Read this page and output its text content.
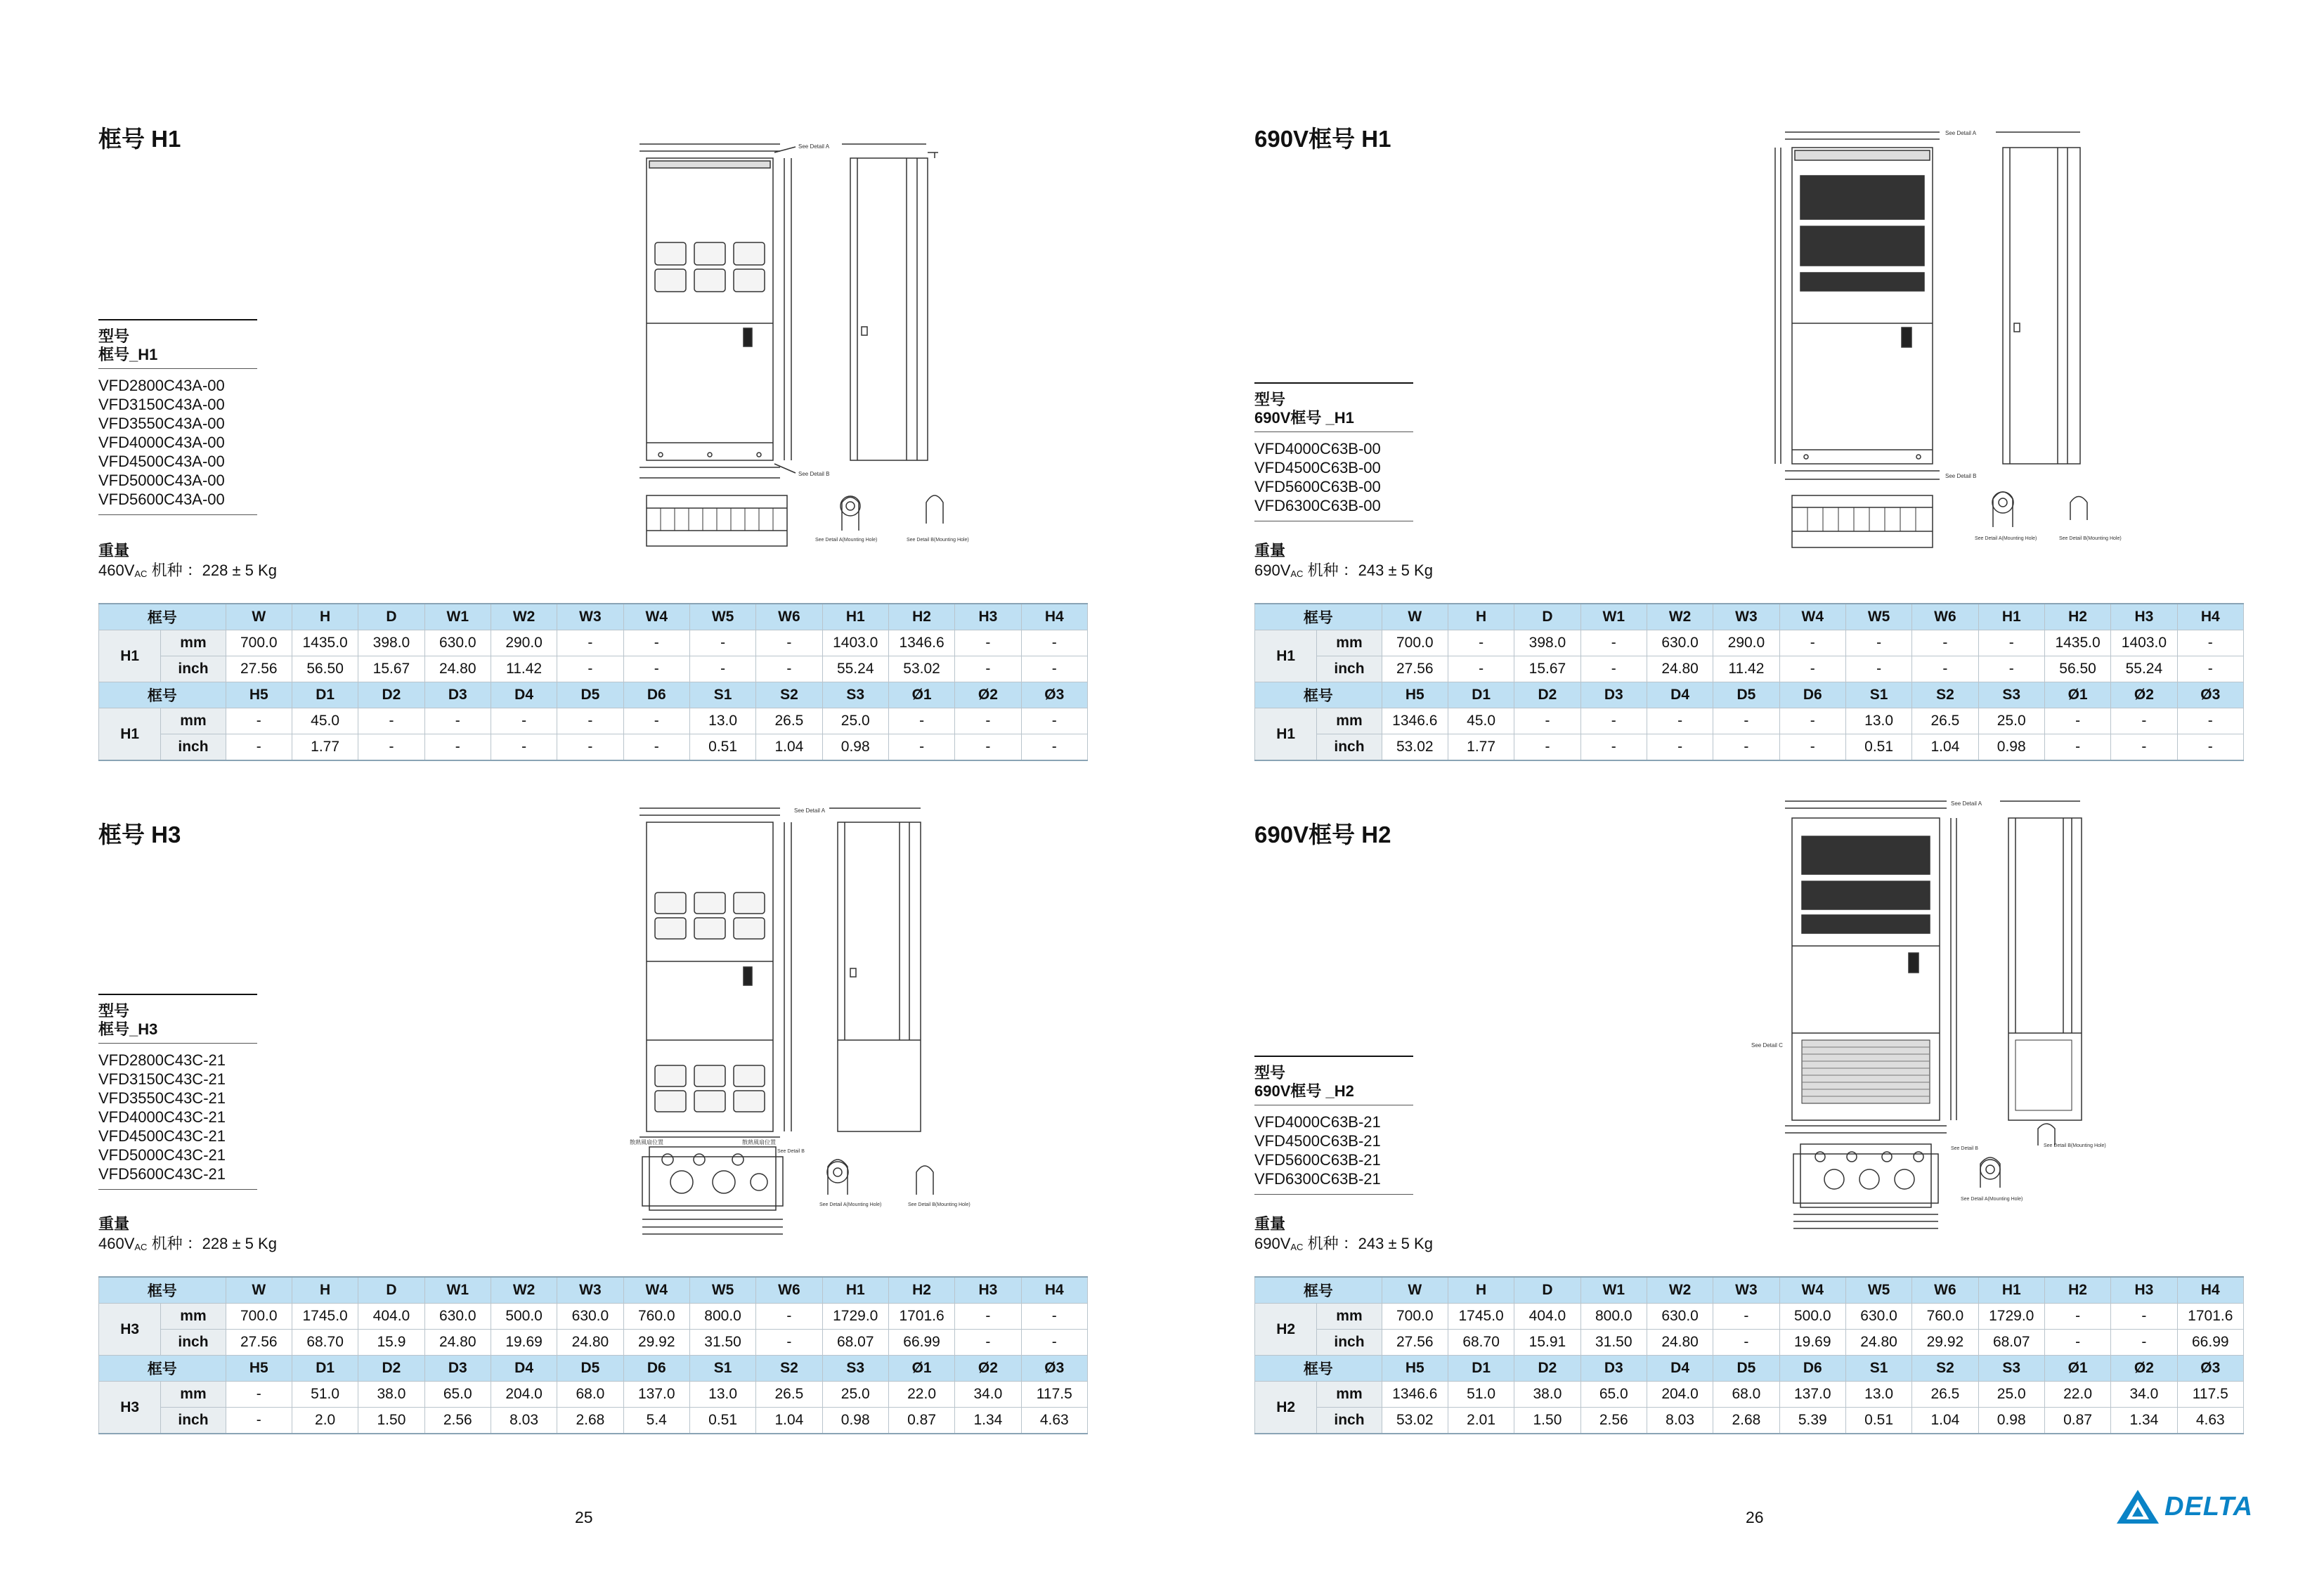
框号 H1
型号
框号_H1
VFD2800C43A-00
VFD3150C43A-00
VFD3550C43A-00
VFD4000C43A-00
VFD4500C43A-00
VFD5000C43A-00
VFD5600C43A-00
重量
$460V_{AC}$ 机种 ：228 ± 5 Kg
See Detail A
See Detail B
See Detail A(Mounting Hole)	See Detail B(Mounting Hole)
框号		W	H	D	W1	W2	W3	W4	W5	W6	H1	H2	H3	H4
H1	mm	700.0	1435.0	398.0	630.0	290.0	-	-	-	-	1403.0	1346.6	-	-
	inch	27.56	56.50	15.67	24.80	11.42	-	-	-	-	55.24	53.02	-	-
框号		H5	D1	D2	D3	D4	D5	D6	S1	S2	S3	Ø1	Ø2	Ø3
H1	mm	-	45.0	-	-	-	-	-	13.0	26.5	25.0	-	-	-
	inch	-	1.77	-	-	-	-	-	0.51	1.04	0.98	-	-	-
框号 H3
型号
框号_H3
VFD2800C43C-21
VFD3150C43C-21
VFD3550C43C-21
VFD4000C43C-21
VFD4500C43C-21
VFD5000C43C-21
VFD5600C43C-21
重量
$460V_{AC}$ 机种 ：228 ± 5 Kg
See Detail A
散熱風扇位置	散熱風扇位置
See Detail B
See Detail A(Mounting Hole)	See Detail B(Mounting Hole)
框号		W	H	D	W1	W2	W3	W4	W5	W6	H1	H2	H3	H4
H3	mm	700.0	1745.0	404.0	630.0	500.0	630.0	760.0	800.0	-	1729.0	1701.6	-	-
	inch	27.56	68.70	15.9	24.80	19.69	24.80	29.92	31.50	-	68.07	66.99	-	-
框号		H5	D1	D2	D3	D4	D5	D6	S1	S2	S3	Ø1	Ø2	Ø3
H3	mm	-	51.0	38.0	65.0	204.0	68.0	137.0	13.0	26.5	25.0	22.0	34.0	117.5
	inch	-	2.0	1.50	2.56	8.03	2.68	5.4	0.51	1.04	0.98	0.87	1.34	4.63
25
690V框号 H1
型号
690V框号 _H1
VFD4000C63B-00
VFD4500C63B-00
VFD5600C63B-00
VFD6300C63B-00
重量
$690V_{AC}$ 机种 ：243 ± 5 Kg
See Detail A
See Detail B
See Detail A(Mounting Hole)	See Detail B(Mounting Hole)
框号		W	H	D	W1	W2	W3	W4	W5	W6	H1	H2	H3	H4
H1	mm	700.0	-	398.0	-	630.0	290.0	-	-	-	-	1435.0	1403.0	-
	inch	27.56	-	15.67	-	24.80	11.42	-	-	-	-	56.50	55.24	-
框号		H5	D1	D2	D3	D4	D5	D6	S1	S2	S3	Ø1	Ø2	Ø3
H1	mm	1346.6	45.0	-	-	-	-	-	13.0	26.5	25.0	-	-	-
	inch	53.02	1.77	-	-	-	-	-	0.51	1.04	0.98	-	-	-
690V框号 H2
型号
690V框号 _H2
VFD4000C63B-21
VFD4500C63B-21
VFD5600C63B-21
VFD6300C63B-21
重量
$690V_{AC}$ 机种 ：243 ± 5 Kg
See Detail A
See Detail C
See Detail B
See Detail A(Mounting Hole)
See Detail B(Mounting Hole)
框号		W	H	D	W1	W2	W3	W4	W5	W6	H1	H2	H3	H4
H2	mm	700.0	1745.0	404.0	800.0	630.0	-	500.0	630.0	760.0	1729.0	-	-	1701.6
	inch	27.56	68.70	15.91	31.50	24.80	-	19.69	24.80	29.92	68.07	-	-	66.99
框号		H5	D1	D2	D3	D4	D5	D6	S1	S2	S3	Ø1	Ø2	Ø3
H2	mm	1346.6	51.0	38.0	65.0	204.0	68.0	137.0	13.0	26.5	25.0	22.0	34.0	117.5
	inch	53.02	2.01	1.50	2.56	8.03	2.68	5.39	0.51	1.04	0.98	0.87	1.34	4.63
26	DELTA
